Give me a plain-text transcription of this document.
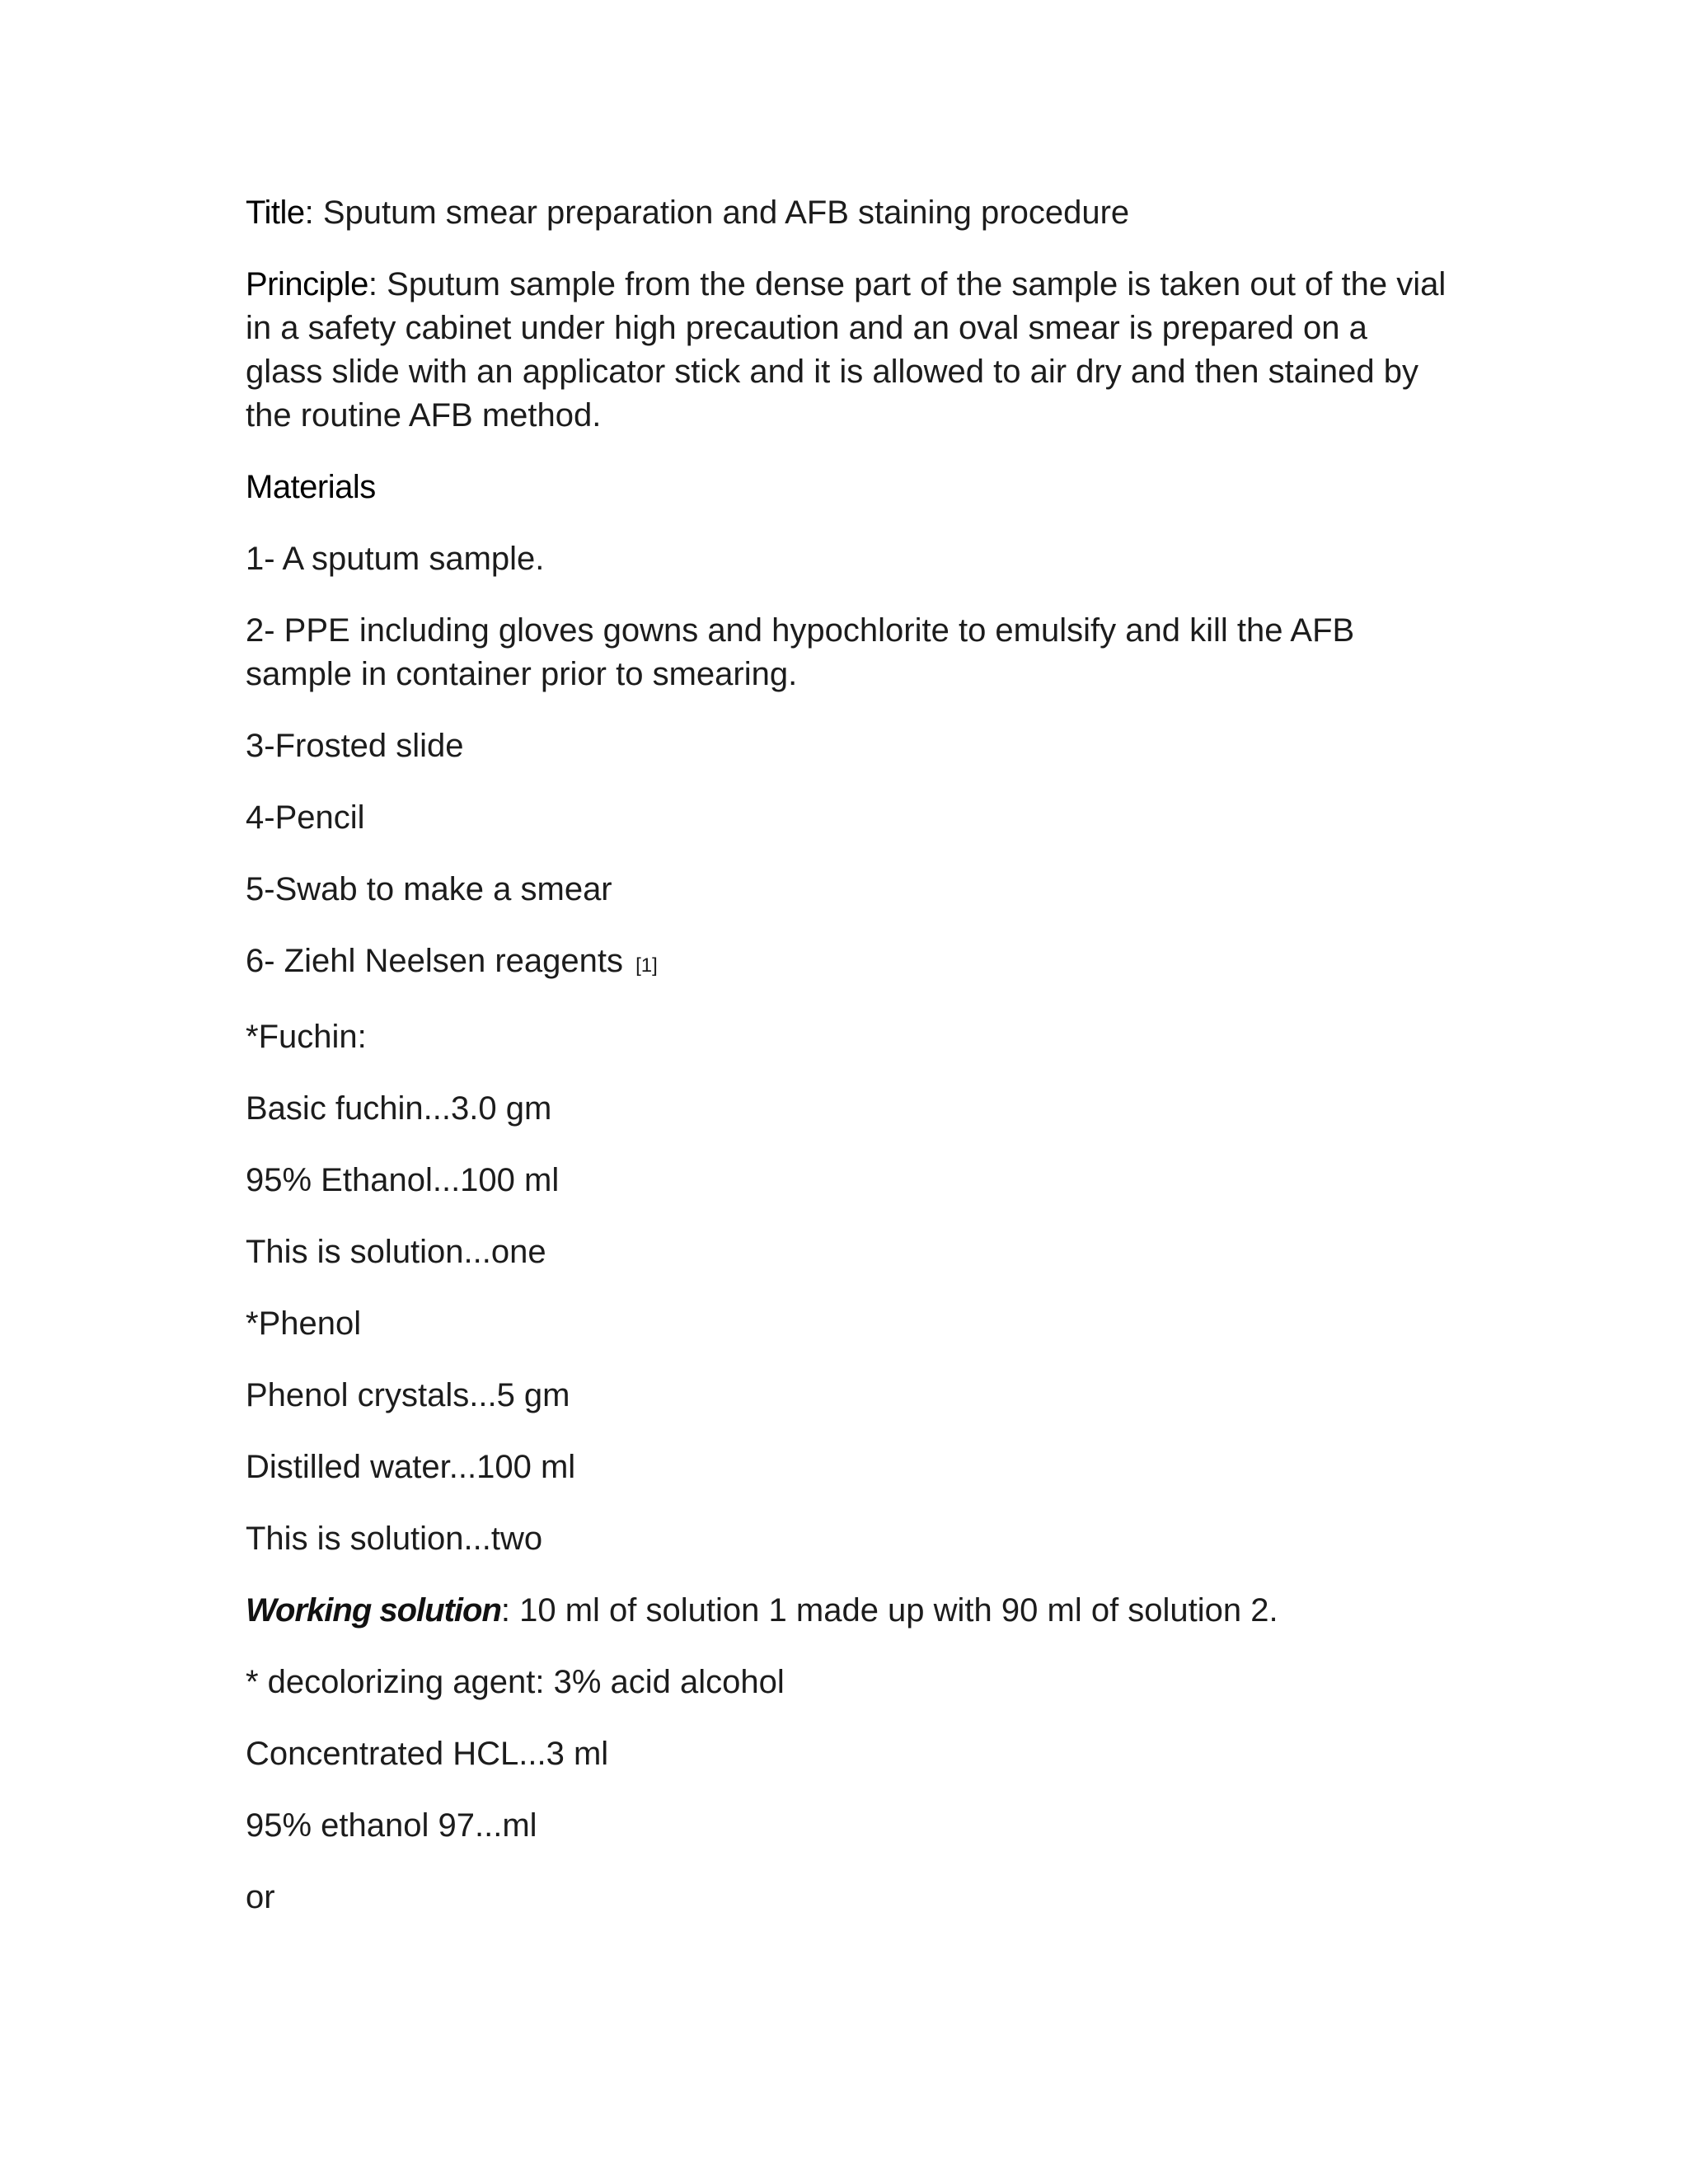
Title: Sputum smear preparation and AFB staining procedure

Principle: Sputum sample from the dense part of the sample is taken out of the vial in a safety cabinet under high precaution and an oval smear is prepared on a glass slide with an applicator stick and it is allowed to air dry and then stained by the routine AFB method.

Materials

1- A sputum sample.

2- PPE including gloves gowns and hypochlorite to emulsify and kill the AFB sample in container prior to smearing.

3-Frosted slide

4-Pencil

5-Swab to make a smear

6- Ziehl Neelsen reagents [1]

*Fuchin:

Basic fuchin...3.0 gm

95% Ethanol...100 ml

This is solution...one

*Phenol

Phenol crystals...5 gm

Distilled water...100 ml

This is solution...two

Working solution: 10 ml of solution 1 made up with 90 ml of solution 2.

* decolorizing agent: 3% acid alcohol

Concentrated HCL...3 ml

95% ethanol 97...ml

or
